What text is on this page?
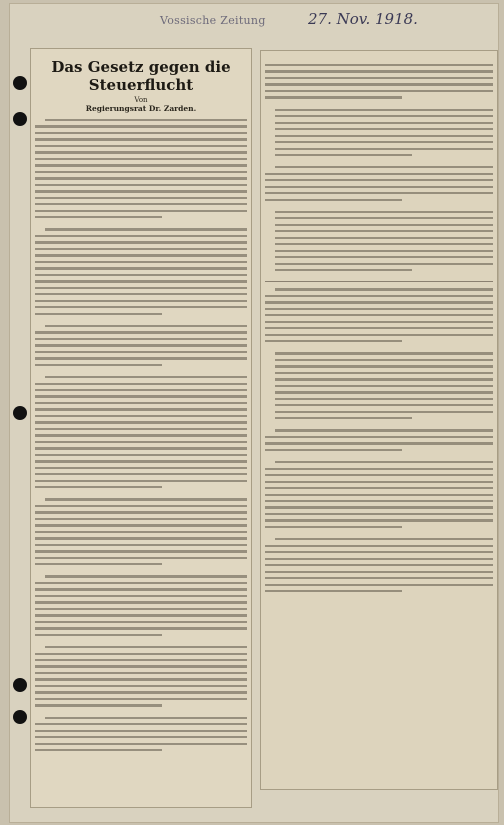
Vossische Zeitung	27. Nov. 1918.
Das Gesetz gegen die Steuerflucht
Von
Regierungsrat Dr. Zarden.
